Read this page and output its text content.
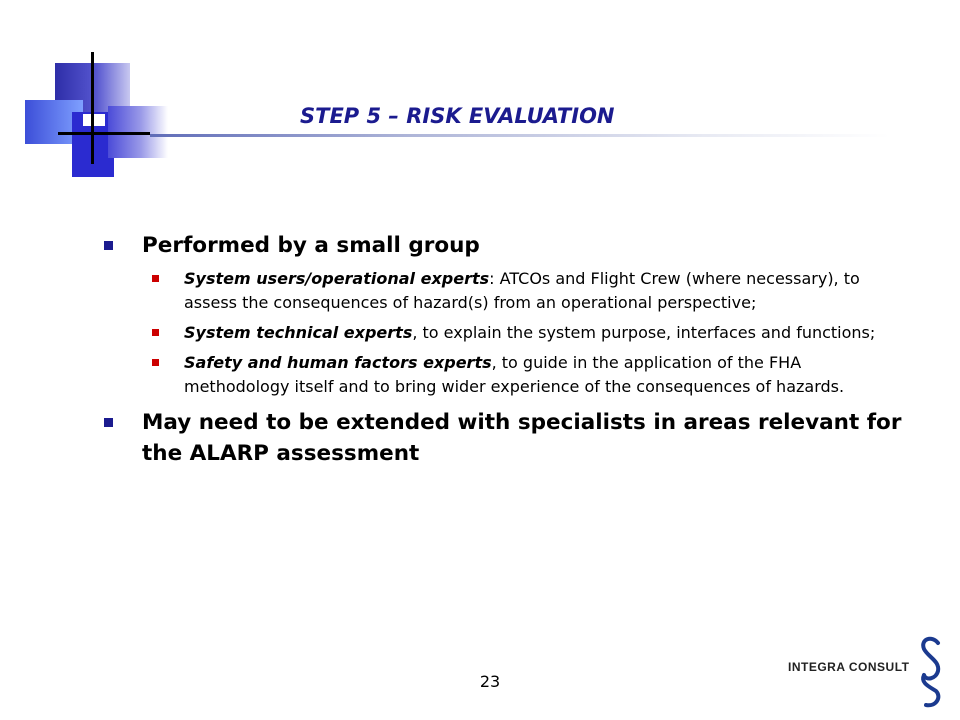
STEP 5 – RISK EVALUATION
Performed by a small group
System users/operational experts: ATCOs and Flight Crew (where necessary), to assess the consequences of hazard(s) from an operational perspective;
System technical experts, to explain the system purpose, interfaces and functions;
Safety and human factors experts, to guide in the application of the FHA methodology itself and to bring wider experience of the consequences of hazards.
May need to be extended with specialists in areas relevant for the ALARP assessment
23
INTEGRA CONSULT
